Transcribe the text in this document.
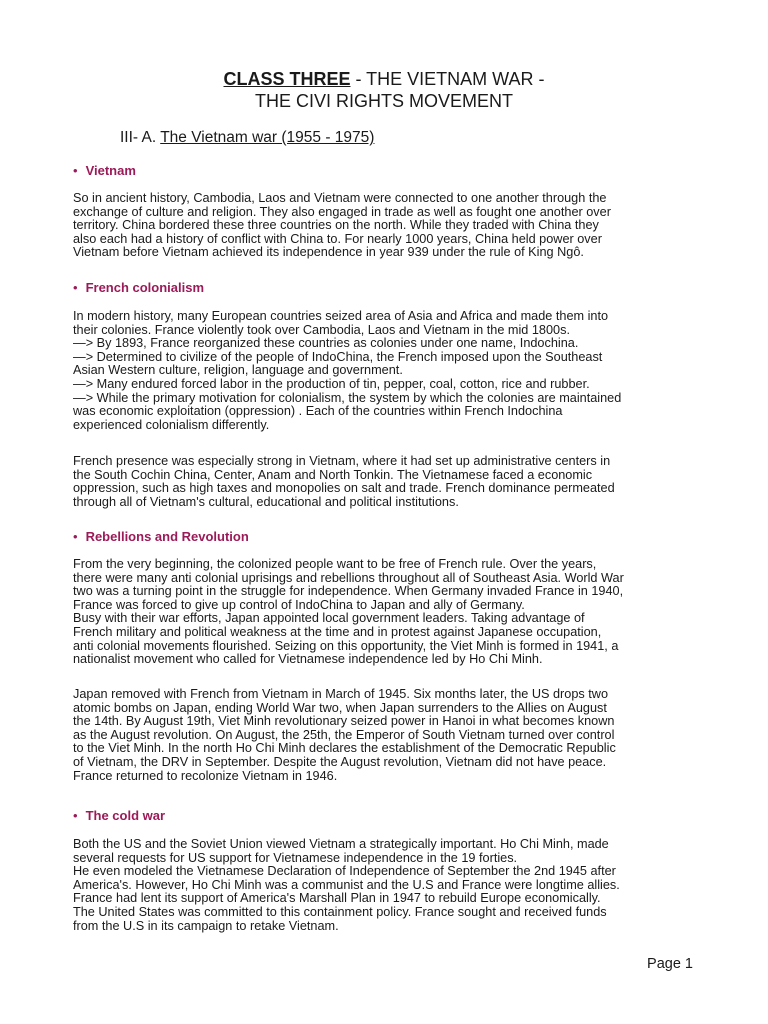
CLASS THREE - THE VIETNAM WAR -
THE CIVI RIGHTS MOVEMENT
III- A. The Vietnam war (1955 - 1975)
• Vietnam

So in ancient history, Cambodia, Laos and Vietnam were connected to one another through the
exchange of culture and religion. They also engaged in trade as well as fought one another over
territory. China bordered these three countries on the north. While they traded with China they
also each had a history of conflict with China to. For nearly 1000 years, China held power over
Vietnam before Vietnam achieved its independence in year 939 under the rule of King Ngô.

• French colonialism

In modern history, many European countries seized area of Asia and Africa and made them into
their colonies. France violently took over Cambodia, Laos and Vietnam in the mid 1800s.
—> By 1893, France reorganized these countries as colonies under one name, Indochina.
—> Determined to civilize of the people of IndoChina, the French imposed upon the Southeast
Asian Western culture, religion, language and government.
—> Many endured forced labor in the production of tin, pepper, coal, cotton, rice and rubber.
—> While the primary motivation for colonialism, the system by which the colonies are maintained
was economic exploitation (oppression) . Each of the countries within French Indochina
experienced colonialism differently.

French presence was especially strong in Vietnam, where it had set up administrative centers in
the South Cochin China, Center, Anam and North Tonkin. The Vietnamese faced a economic
oppression, such as high taxes and monopolies on salt and trade. French dominance permeated
through all of Vietnam's cultural, educational and political institutions.

• Rebellions and Revolution

From the very beginning, the colonized people want to be free of French rule. Over the years,
there were many anti colonial uprisings and rebellions throughout all of Southeast Asia. World War
two was a turning point in the struggle for independence. When Germany invaded France in 1940,
France was forced to give up control of IndoChina to Japan and ally of Germany.
Busy with their war efforts, Japan appointed local government leaders. Taking advantage of
French military and political weakness at the time and in protest against Japanese occupation,
anti colonial movements flourished. Seizing on this opportunity, the Viet Minh is formed in 1941, a
nationalist movement who called for Vietnamese independence led by Ho Chi Minh.

Japan removed with French from Vietnam in March of 1945. Six months later, the US drops two
atomic bombs on Japan, ending World War two, when Japan surrenders to the Allies on August
the 14th. By August 19th, Viet Minh revolutionary seized power in Hanoi in what becomes known
as the August revolution. On August, the 25th, the Emperor of South Vietnam turned over control
to the Viet Minh. In the north Ho Chi Minh declares the establishment of the Democratic Republic
of Vietnam, the DRV in September. Despite the August revolution, Vietnam did not have peace.
France returned to recolonize Vietnam in 1946.

• The cold war

Both the US and the Soviet Union viewed Vietnam a strategically important. Ho Chi Minh, made
several requests for US support for Vietnamese independence in the 19 forties.
He even modeled the Vietnamese Declaration of Independence of September the 2nd 1945 after
America's. However, Ho Chi Minh was a communist and the U.S and France were longtime allies.
France had lent its support of America's Marshall Plan in 1947 to rebuild Europe economically.
The United States was committed to this containment policy. France sought and received funds
from the U.S in its campaign to retake Vietnam.

Page 1
